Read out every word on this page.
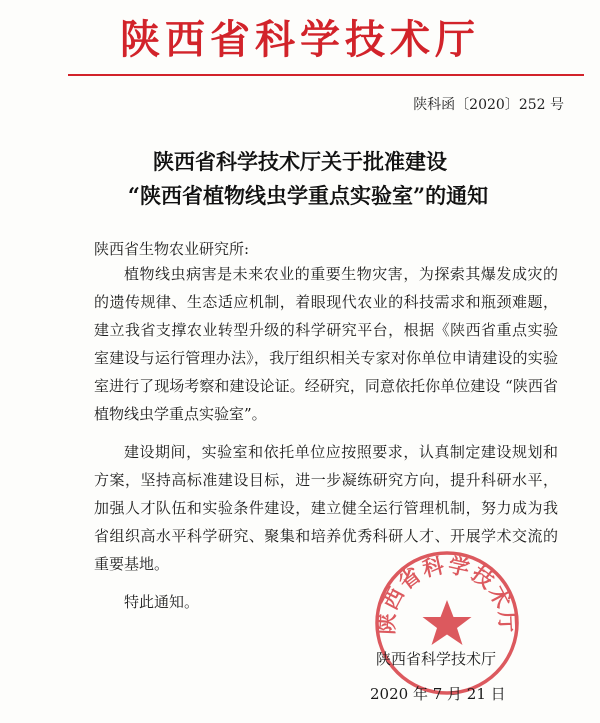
陕西省科学技术厅
陕科函〔2020〕252 号
陕西省科学技术厅关于批准建设
“陕西省植物线虫学重点实验室”的通知
陕西省生物农业研究所:

植物线虫病害是未来农业的重要生物灾害，为探索其爆发成灾的的遗传规律、生态适应机制，着眼现代农业的科技需求和瓶颈难题，建立我省支撑农业转型升级的科学研究平台，根据《陕西省重点实验室建设与运行管理办法》，我厅组织相关专家对你单位申请建设的实验室进行了现场考察和建设论证。经研究，同意依托你单位建设 “陕西省植物线虫学重点实验室”。

建设期间，实验室和依托单位应按照要求，认真制定建设规划和方案，坚持高标准建设目标，进一步凝练研究方向，提升科研水平，加强人才队伍和实验条件建设，建立健全运行管理机制，努力成为我省组织高水平科学研究、聚集和培养优秀科研人才、开展学术交流的重要基地。

特此通知。

陕西省科学技术厅
陕西省科学技术厅
2020 年 7 月 21 日
